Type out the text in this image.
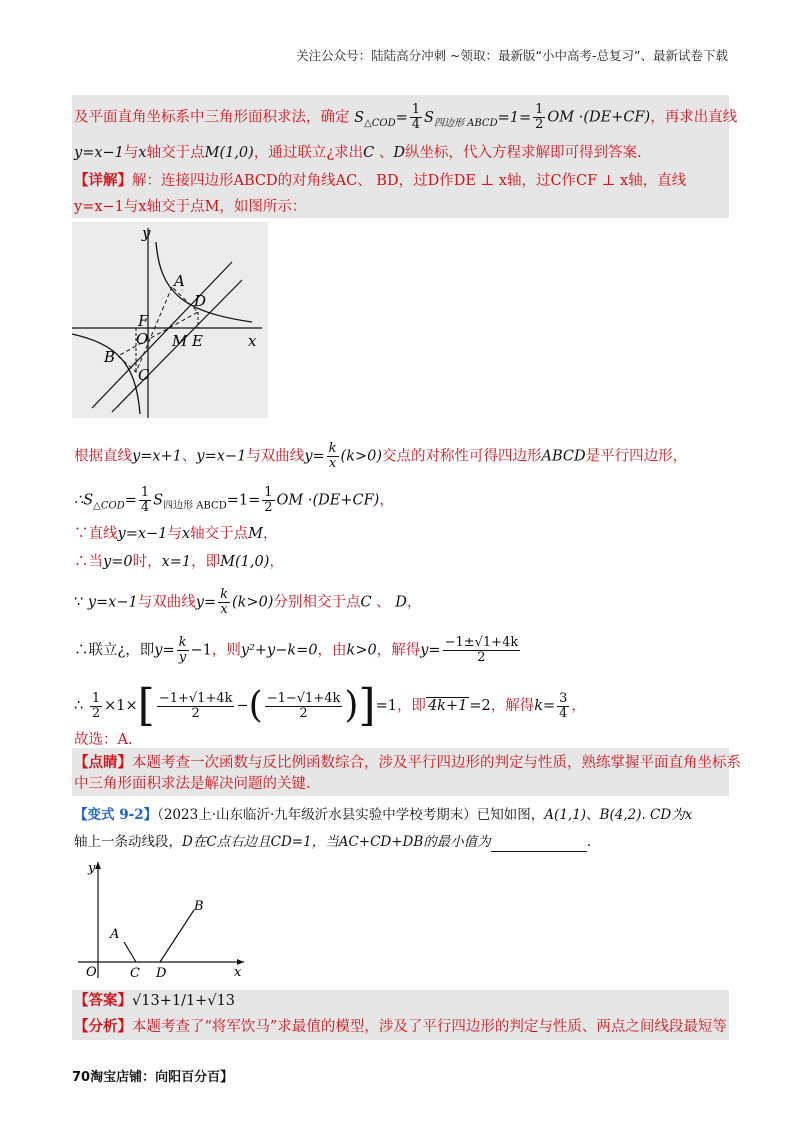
关注公众号：陆陆高分冲刺 ~领取：最新版“小中高考-总复习”、最新试卷下载
及平面直角坐标系中三角形面积求法，确定 $S_{\triangle COD}= \frac{1}{4} S_{四边形 ABCD}=1= \frac{1}{2}$ OM ·(DE+CF)，再求出直线
y=x−1与x轴交于点M(1,0)，通过联立¿求出C 、D纵坐标，代入方程求解即可得到答案.
【详解】解：连接四边形ABCD的对角线AC、 BD，过D作DE ⊥ x轴，过C作CF ⊥ x轴，直线
y=x−1与x轴交于点M，如图所示：
y
x
A
D
F
O M E
B
C
根据直线y=x+1、y=x−1与双曲线$y= \frac{k}{x} (k>0)$交点的对称性可得四边形ABCD是平行四边形，
$\therefore S_{\triangle COD}= \frac{1}{4} S_{四边形 ABCD}=1= \frac{1}{2}$ OM ·(DE+CF)，
∵直线y=x−1与x轴交于点M，
∴当y=0时，x=1，即M(1,0)，
∵ y=x−1与双曲线$y= \frac{k}{x} (k>0)$分别相交于点C 、 D，
∴联立¿，即$y= \frac{k}{y} -1$，则y²+y−k=0，由k>0，解得$y= \frac{-1\pm√1+4k}{2}$
∴ $\frac{1}{2} \times 1\times[ \frac{-1+√1+4k}{2}$ −( $\frac{-1-√1+4k}{2} )]=1$，即 4k+1 =2，解得$k= \frac{3}{4}$ ，
故选：A.
【点睛】本题考查一次函数与反比例函数综合，涉及平行四边形的判定与性质，熟练掌握平面直角坐标系
中三角形面积求法是解决问题的关键.
【变式 9-2】（2023上·山东临沂·九年级沂水县实验中学校考期末）已知如图，A(1,1)、B(4,2). CD为x
轴上一条动线段，D在C点右边且CD=1，当AC+CD+DB的最小值为	.
y
x
O
A
B
C D
【答案】√13+1/1+√13
【分析】本题考查了“将军饮马”求最值的模型，涉及了平行四边形的判定与性质、两点之间线段最短等
70淘宝店铺：向阳百分百】
